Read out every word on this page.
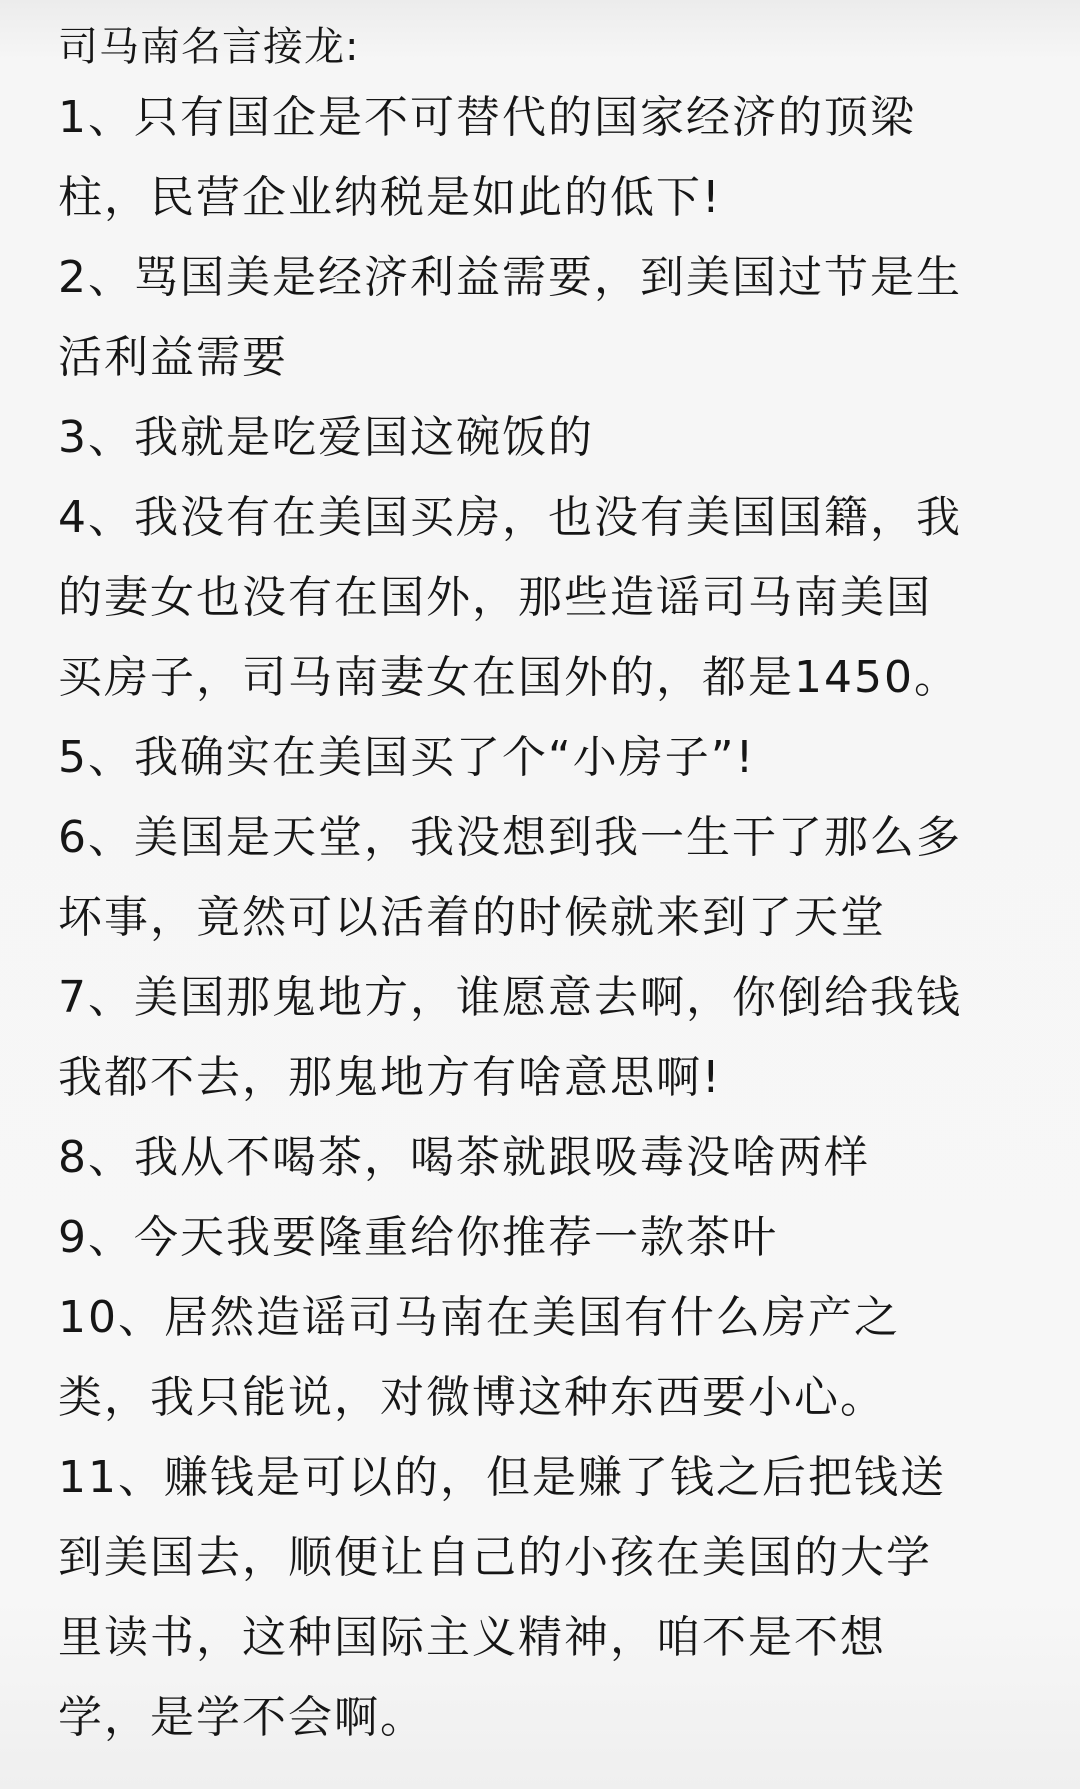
司马南名言接龙:
1、只有国企是不可替代的国家经济的顶梁
柱，民营企业纳税是如此的低下!
2、骂国美是经济利益需要，到美国过节是生
活利益需要
3、我就是吃爱国这碗饭的
4、我没有在美国买房，也没有美国国籍，我
的妻女也没有在国外，那些造谣司马南美国
买房子，司马南妻女在国外的，都是1450。
5、我确实在美国买了个“小房子”!
6、美国是天堂，我没想到我一生干了那么多
坏事，竟然可以活着的时候就来到了天堂
7、美国那鬼地方，谁愿意去啊，你倒给我钱
我都不去，那鬼地方有啥意思啊!
8、我从不喝茶，喝茶就跟吸毒没啥两样
9、今天我要隆重给你推荐一款茶叶
10、居然造谣司马南在美国有什么房产之
类，我只能说，对微博这种东西要小心。
11、赚钱是可以的，但是赚了钱之后把钱送
到美国去，顺便让自己的小孩在美国的大学
里读书，这种国际主义精神，咱不是不想
学，是学不会啊。
